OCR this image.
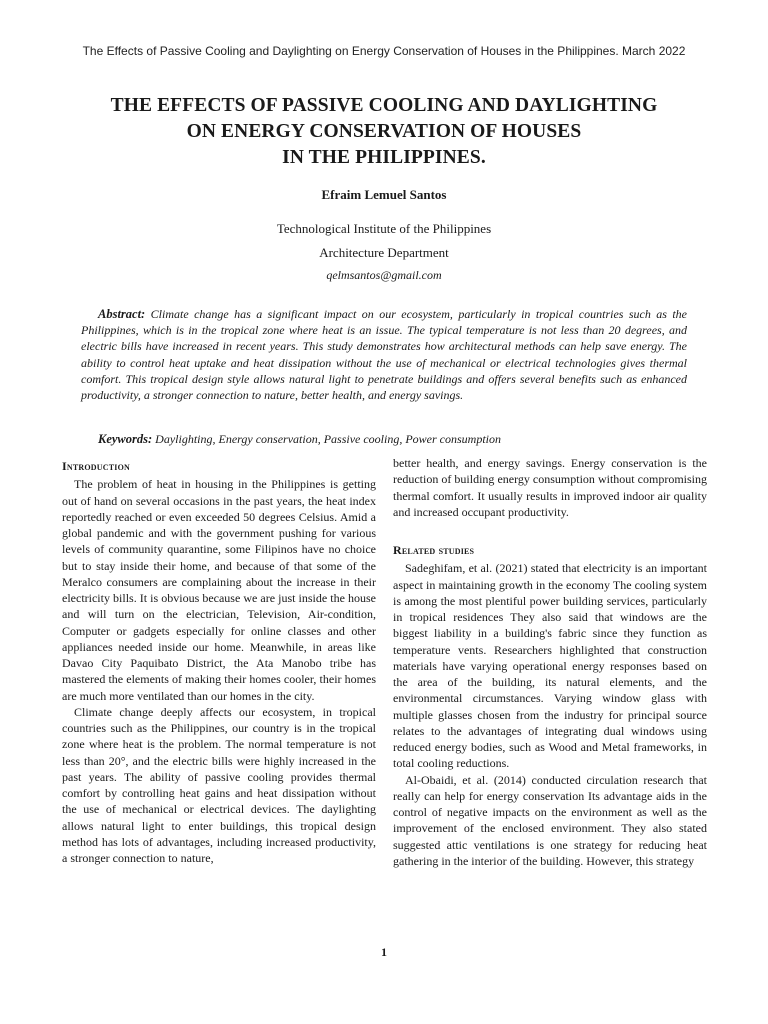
The Effects of Passive Cooling and Daylighting on Energy Conservation of Houses in the Philippines. March 2022
THE EFFECTS OF PASSIVE COOLING AND DAYLIGHTING
ON ENERGY CONSERVATION OF HOUSES
IN THE PHILIPPINES.
Efraim Lemuel Santos
Technological Institute of the Philippines
Architecture Department
qelmsantos@gmail.com
Abstract: Climate change has a significant impact on our ecosystem, particularly in tropical countries such as the Philippines, which is in the tropical zone where heat is an issue. The typical temperature is not less than 20 degrees, and electric bills have increased in recent years. This study demonstrates how architectural methods can help save energy. The ability to control heat uptake and heat dissipation without the use of mechanical or electrical technologies gives thermal comfort. This tropical design style allows natural light to penetrate buildings and offers several benefits such as enhanced productivity, a stronger connection to nature, better health, and energy savings.
Keywords: Daylighting, Energy conservation, Passive cooling, Power consumption
Introduction

The problem of heat in housing in the Philippines is getting out of hand on several occasions in the past years, the heat index reportedly reached or even exceeded 50 degrees Celsius. Amid a global pandemic and with the government pushing for various levels of community quarantine, some Filipinos have no choice but to stay inside their home, and because of that some of the Meralco consumers are complaining about the increase in their electricity bills. It is obvious because we are just inside the house and will turn on the electrician, Television, Air-condition, Computer or gadgets especially for online classes and other appliances needed inside our home. Meanwhile, in areas like Davao City Paquibato District, the Ata Manobo tribe has mastered the elements of making their homes cooler, their homes are much more ventilated than our homes in the city.

Climate change deeply affects our ecosystem, in tropical countries such as the Philippines, our country is in the tropical zone where heat is the problem. The normal temperature is not less than 20°, and the electric bills were highly increased in the past years. The ability of passive cooling provides thermal comfort by controlling heat gains and heat dissipation without the use of mechanical or electrical devices. The daylighting allows natural light to enter buildings, this tropical design method has lots of advantages, including increased productivity, a stronger connection to nature,

better health, and energy savings. Energy conservation is the reduction of building energy consumption without compromising thermal comfort. It usually results in improved indoor air quality and increased occupant productivity.

Related studies

Sadeghifam, et al. (2021) stated that electricity is an important aspect in maintaining growth in the economy The cooling system is among the most plentiful power building services, particularly in tropical residences They also said that windows are the biggest liability in a building's fabric since they function as temperature vents. Researchers highlighted that construction materials have varying operational energy responses based on the area of the building, its natural elements, and the environmental circumstances. Varying window glass with multiple glasses chosen from the industry for principal source relates to the advantages of integrating dual windows using reduced energy bodies, such as Wood and Metal frameworks, in total cooling reductions.

Al-Obaidi, et al. (2014) conducted circulation research that really can help for energy conservation Its advantage aids in the control of negative impacts on the environment as well as the improvement of the enclosed environment. They also stated suggested attic ventilations is one strategy for reducing heat gathering in the interior of the building. However, this strategy

1
